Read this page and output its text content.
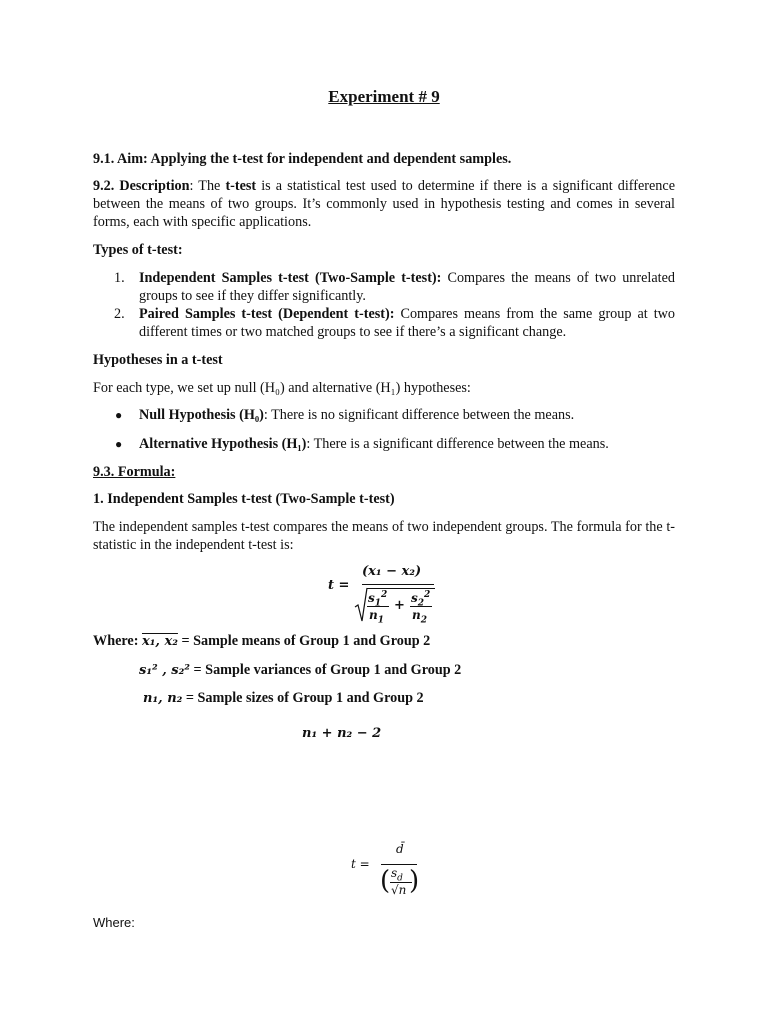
Experiment # 9

9.1. Aim: Applying the t-test for independent and dependent samples.

9.2. Description: The t-test is a statistical test used to determine if there is a significant difference between the means of two groups. It’s commonly used in hypothesis testing and comes in several forms, each with specific applications.

Types of t-test:

1. Independent Samples t-test (Two-Sample t-test): Compares the means of two unrelated groups to see if they differ significantly.
2. Paired Samples t-test (Dependent t-test): Compares means from the same group at two different times or two matched groups to see if there’s a significant change.

Hypotheses in a t-test

For each type, we set up null (H₀) and alternative (H₁) hypotheses:

● Null Hypothesis (H₀): There is no significant difference between the means.
● Alternative Hypothesis (H₁): There is a significant difference between the means.

9.3. Formula:

1. Independent Samples t-test (Two-Sample t-test)

The independent samples t-test compares the means of two independent groups. The formula for the t-statistic in the independent t-test is:

t =
(x₁ − x₂)
$s_1^2$
$n_1$
+ $s_2^2$
$n_2$
Where: x₁, x₂ = Sample means of Group 1 and Group 2
s₁² , s₂² = Sample variances of Group 1 and Group 2
n₁, n₂ = Sample sizes of Group 1 and Group 2

n₁ + n₂ − 2

t =
d̄
( $s_d$
√n )

Where:
